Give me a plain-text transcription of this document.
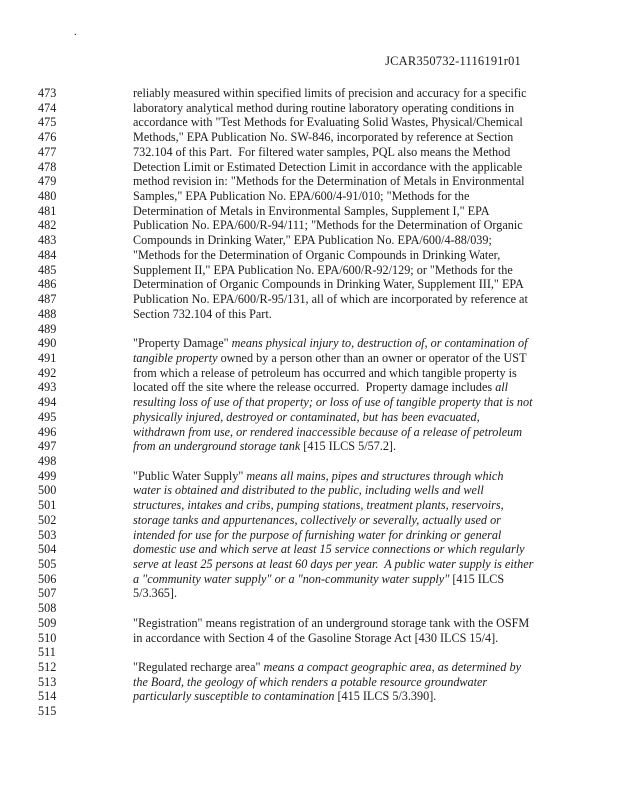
.
JCAR350732-1116191r01
473	reliably measured within specified limits of precision and accuracy for a specific
474	laboratory analytical method during routine laboratory operating conditions in
475	accordance with "Test Methods for Evaluating Solid Wastes, Physical/Chemical
476	Methods," EPA Publication No. SW-846, incorporated by reference at Section
477	732.104 of this Part.  For filtered water samples, PQL also means the Method
478	Detection Limit or Estimated Detection Limit in accordance with the applicable
479	method revision in: "Methods for the Determination of Metals in Environmental
480	Samples," EPA Publication No. EPA/600/4-91/010; "Methods for the
481	Determination of Metals in Environmental Samples, Supplement I," EPA
482	Publication No. EPA/600/R-94/111; "Methods for the Determination of Organic
483	Compounds in Drinking Water," EPA Publication No. EPA/600/4-88/039;
484	"Methods for the Determination of Organic Compounds in Drinking Water,
485	Supplement II," EPA Publication No. EPA/600/R-92/129; or "Methods for the
486	Determination of Organic Compounds in Drinking Water, Supplement III," EPA
487	Publication No. EPA/600/R-95/131, all of which are incorporated by reference at
488	Section 732.104 of this Part.
489
490	"Property Damage" means physical injury to, destruction of, or contamination of
491	tangible property owned by a person other than an owner or operator of the UST
492	from which a release of petroleum has occurred and which tangible property is
493	located off the site where the release occurred.  Property damage includes all
494	resulting loss of use of that property; or loss of use of tangible property that is not
495	physically injured, destroyed or contaminated, but has been evacuated,
496	withdrawn from use, or rendered inaccessible because of a release of petroleum
497	from an underground storage tank [415 ILCS 5/57.2].
498
499	"Public Water Supply" means all mains, pipes and structures through which
500	water is obtained and distributed to the public, including wells and well
501	structures, intakes and cribs, pumping stations, treatment plants, reservoirs,
502	storage tanks and appurtenances, collectively or severally, actually used or
503	intended for use for the purpose of furnishing water for drinking or general
504	domestic use and which serve at least 15 service connections or which regularly
505	serve at least 25 persons at least 60 days per year.  A public water supply is either
506	a "community water supply" or a "non-community water supply" [415 ILCS
507	5/3.365].
508
509	"Registration" means registration of an underground storage tank with the OSFM
510	in accordance with Section 4 of the Gasoline Storage Act [430 ILCS 15/4].
511
512	"Regulated recharge area" means a compact geographic area, as determined by
513	the Board, the geology of which renders a potable resource groundwater
514	particularly susceptible to contamination [415 ILCS 5/3.390].
515
